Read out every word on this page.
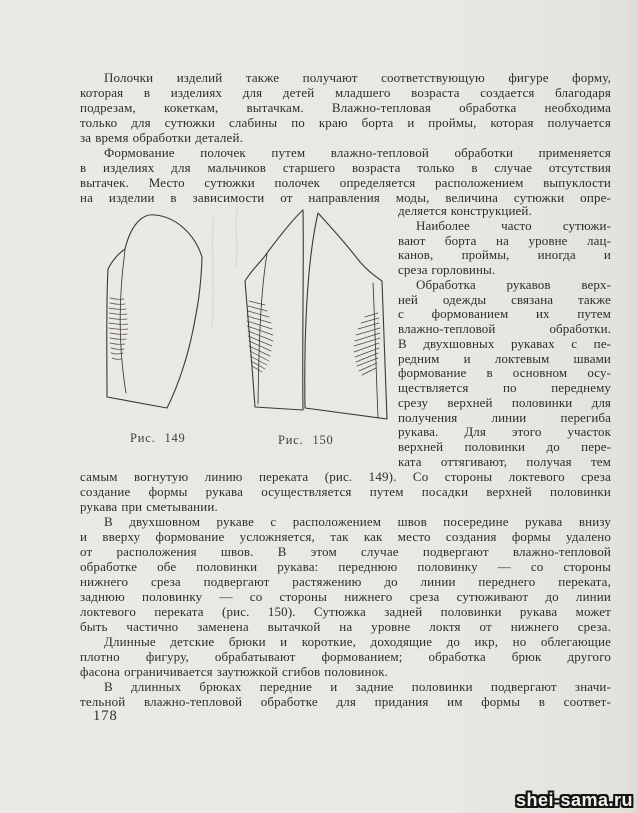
Полочки изделий также получают соответствующую фигуре форму,
которая в изделиях для детей младшего возраста создается благодаря
подрезам, кокеткам, вытачкам. Влажно-тепловая обработка необходима
только для сутюжки слабины по краю борта и проймы, которая получается
за время обработки деталей.
Формование полочек путем влажно-тепловой обработки применяется
в изделиях для мальчиков старшего возраста только в случае отсутствия
вытачек. Место сутюжки полочек определяется расположением выпуклости
на изделии в зависимости от направления моды, величина сутюжки опре-
Рис. 149	Рис. 150
деляется конструкцией.
Наиболее часто сутюжи-
вают борта на уровне лац-
канов, проймы, иногда и
среза горловины.
Обработка рукавов верх-
ней одежды связана также
с формованием их путем
влажно-тепловой обработки.
В двухшовных рукавах с пе-
редним и локтевым швами
формование в основном осу-
ществляется по переднему
срезу верхней половинки для
получения линии перегиба
рукава. Для этого участок
верхней половинки до пере-
ката оттягивают, получая тем
самым вогнутую линию переката (рис. 149). Со стороны локтевого среза
создание формы рукава осуществляется путем посадки верхней половинки
рукава при сметывании.
В двухшовном рукаве с расположением швов посередине рукава внизу
и вверху формование усложняется, так как место создания формы удалено
от расположения швов. В этом случае подвергают влажно-тепловой
обработке обе половинки рукава: переднюю половинку — со стороны
нижнего среза подвергают растяжению до линии переднего переката,
заднюю половинку — со стороны нижнего среза сутюживают до линии
локтевого переката (рис. 150). Сутюжка задней половинки рукава может
быть частично заменена вытачкой на уровне локтя от нижнего среза.
Длинные детские брюки и короткие, доходящие до икр, но облегающие
плотно фигуру, обрабатывают формованием; обработка брюк другого
фасона ограничивается заутюжкой сгибов половинок.
В длинных брюках передние и задние половинки подвергают значи-
тельной влажно-тепловой обработке для придания им формы в соответ-
178
shei-sama.ru
